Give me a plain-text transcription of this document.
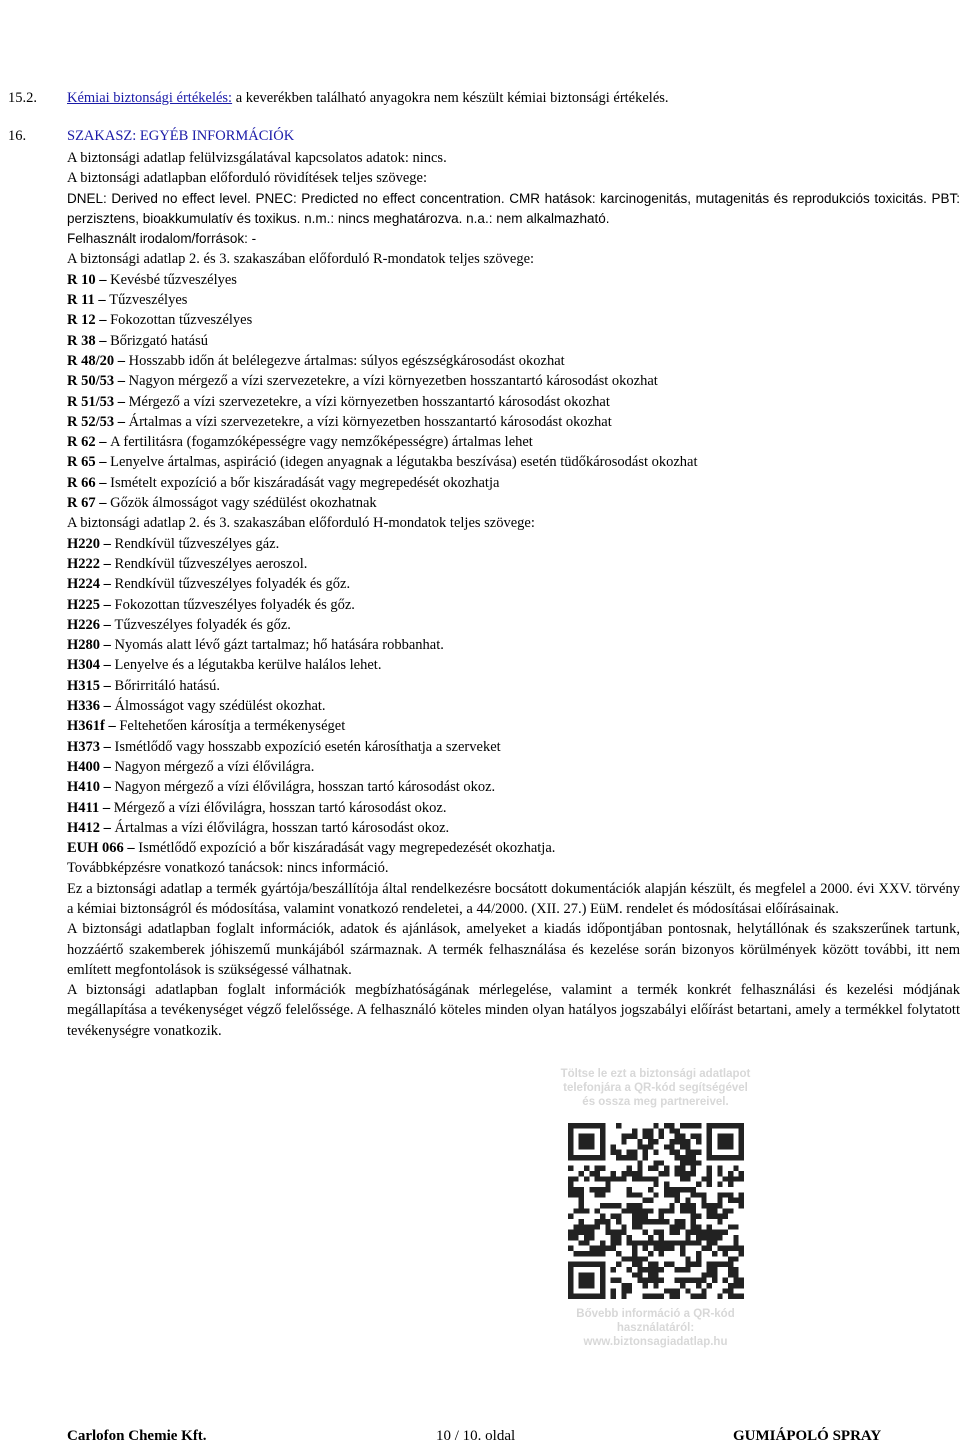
Elkészítés időpontja: 2013. június 5.
Felülvizsgálat időpontja: -
Verziószám: 1
http://www.biztonsagiadatlap.hu
15.2. Kémiai biztonsági értékelés: a keverékben található anyagokra nem készült kémiai biztonsági értékelés.
16.	SZAKASZ: EGYÉB INFORMÁCIÓK
A biztonsági adatlap felülvizsgálatával kapcsolatos adatok: nincs.
A biztonsági adatlapban előforduló rövidítések teljes szövege:
DNEL: Derived no effect level. PNEC: Predicted no effect concentration. CMR hatások: karcinogenitás, mutagenitás és reprodukciós toxicitás. PBT: perzisztens, bioakkumulatív és toxikus. n.m.: nincs meghatározva. n.a.: nem alkalmazható.
Felhasznált irodalom/források: -
A biztonsági adatlap 2. és 3. szakaszában előforduló R-mondatok teljes szövege:
R 10 – Kevésbé tűzveszélyes
R 11 – Tűzveszélyes
R 12 – Fokozottan tűzveszélyes
R 38 – Bőrizgató hatású
R 48/20 – Hosszabb időn át belélegezve ártalmas: súlyos egészségkárosodást okozhat
R 50/53 – Nagyon mérgező a vízi szervezetekre, a vízi környezetben hosszantartó károsodást okozhat
R 51/53 – Mérgező a vízi szervezetekre, a vízi környezetben hosszantartó károsodást okozhat
R 52/53 – Ártalmas a vízi szervezetekre, a vízi környezetben hosszantartó károsodást okozhat
R 62 – A fertilitásra (fogamzóképességre vagy nemzőképességre) ártalmas lehet
R 65 – Lenyelve ártalmas, aspiráció (idegen anyagnak a légutakba beszívása) esetén tüdőkárosodást okozhat
R 66 – Ismételt expozíció a bőr kiszáradását vagy megrepedését okozhatja
R 67 – Gőzök álmosságot vagy szédülést okozhatnak
A biztonsági adatlap 2. és 3. szakaszában előforduló H-mondatok teljes szövege:
H220 – Rendkívül tűzveszélyes gáz.
H222 – Rendkívül tűzveszélyes aeroszol.
H224 – Rendkívül tűzveszélyes folyadék és gőz.
H225 – Fokozottan tűzveszélyes folyadék és gőz.
H226 – Tűzveszélyes folyadék és gőz.
H280 – Nyomás alatt lévő gázt tartalmaz; hő hatására robbanhat.
H304 – Lenyelve és a légutakba kerülve halálos lehet.
H315 – Bőrirritáló hatású.
H336 – Álmosságot vagy szédülést okozhat.
H361f – Feltehetően károsítja a termékenységet
H373 – Ismétlődő vagy hosszabb expozíció esetén károsíthatja a szerveket
H400 – Nagyon mérgező a vízi élővilágra.
H410 – Nagyon mérgező a vízi élővilágra, hosszan tartó károsodást okoz.
H411 – Mérgező a vízi élővilágra, hosszan tartó károsodást okoz.
H412 – Ártalmas a vízi élővilágra, hosszan tartó károsodást okoz.
EUH 066 – Ismétlődő expozíció a bőr kiszáradását vagy megrepedezését okozhatja.
Továbbképzésre vonatkozó tanácsok: nincs információ.
Ez a biztonsági adatlap a termék gyártója/beszállítója által rendelkezésre bocsátott dokumentációk alapján készült, és megfelel a 2000. évi XXV. törvény a kémiai biztonságról és módosítása, valamint vonatkozó rendeletei, a 44/2000. (XII. 27.) EüM. rendelet és módosításai előírásainak.
A biztonsági adatlapban foglalt információk, adatok és ajánlások, amelyeket a kiadás időpontjában pontosnak, helytállónak és szakszerűnek tartunk, hozzáértő szakemberek jóhiszemű munkájából származnak. A termék felhasználása és kezelése során bizonyos körülmények között további, itt nem említett megfontolások is szükségessé válhatnak.
A biztonsági adatlapban foglalt információk megbízhatóságának mérlegelése, valamint a termék konkrét felhasználási és kezelési módjának megállapítása a tevékenységet végző felelőssége. A felhasználó köteles minden olyan hatályos jogszabályi előírást betartani, amely a termékkel folytatott tevékenységre vonatkozik.
Töltse le ezt a biztonsági adatlapot
telefonjára a QR-kód segítségével
és ossza meg partnereivel.
Bővebb információ a QR-kód
használatáról:
www.biztonsagiadatlap.hu
Carlofon Chemie Kft.	10 / 10. oldal	GUMIÁPOLÓ SPRAY
